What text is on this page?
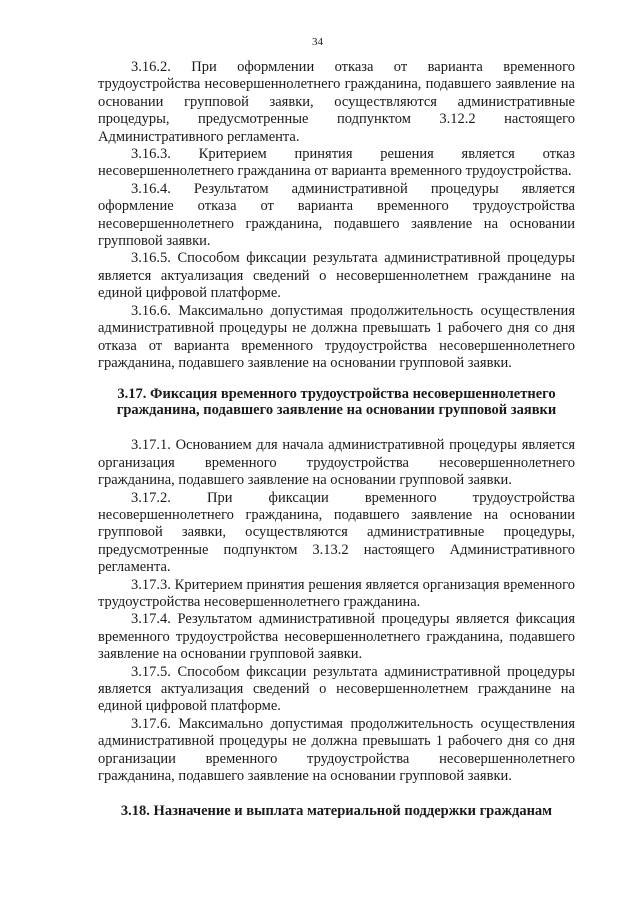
34

3.16.2. При оформлении отказа от варианта временного трудоустройства несовершеннолетнего гражданина, подавшего заявление на основании групповой заявки, осуществляются административные процедуры, предусмотренные подпунктом 3.12.2 настоящего Административного регламента.

3.16.3. Критерием принятия решения является отказ несовершеннолетнего гражданина от варианта временного трудоустройства.

3.16.4. Результатом административной процедуры является оформление отказа от варианта временного трудоустройства несовершеннолетнего гражданина, подавшего заявление на основании групповой заявки.

3.16.5. Способом фиксации результата административной процедуры является актуализация сведений о несовершеннолетнем гражданине на единой цифровой платформе.

3.16.6. Максимально допустимая продолжительность осуществления административной процедуры не должна превышать 1 рабочего дня со дня отказа от варианта временного трудоустройства несовершеннолетнего гражданина, подавшего заявление на основании групповой заявки.

3.17. Фиксация временного трудоустройства несовершеннолетнего гражданина, подавшего заявление на основании групповой заявки

3.17.1. Основанием для начала административной процедуры является организация временного трудоустройства несовершеннолетнего гражданина, подавшего заявление на основании групповой заявки.

3.17.2. При фиксации временного трудоустройства несовершеннолетнего гражданина, подавшего заявление на основании групповой заявки, осуществляются административные процедуры, предусмотренные подпунктом 3.13.2 настоящего Административного регламента.

3.17.3. Критерием принятия решения является организация временного трудоустройства несовершеннолетнего гражданина.

3.17.4. Результатом административной процедуры является фиксация временного трудоустройства несовершеннолетнего гражданина, подавшего заявление на основании групповой заявки.

3.17.5. Способом фиксации результата административной процедуры является актуализация сведений о несовершеннолетнем гражданине на единой цифровой платформе.

3.17.6. Максимально допустимая продолжительность осуществления административной процедуры не должна превышать 1 рабочего дня со дня организации временного трудоустройства несовершеннолетнего гражданина, подавшего заявление на основании групповой заявки.

3.18. Назначение и выплата материальной поддержки гражданам
